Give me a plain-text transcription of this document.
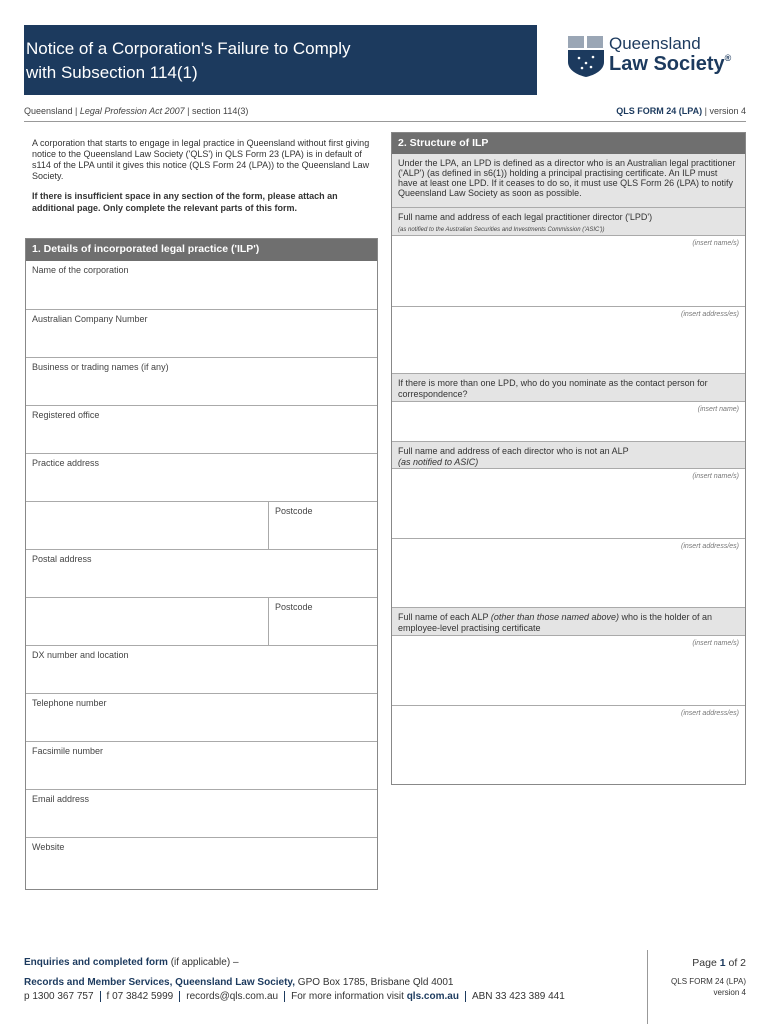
Notice of a Corporation's Failure to Comply
with Subsection 114(1)
Queensland
Law Society®
Queensland | Legal Profession Act 2007 | section 114(3)	QLS FORM 24 (LPA) | version 4
A corporation that starts to engage in legal practice in Queensland without first giving notice to the Queensland Law Society ('QLS') in QLS Form 23 (LPA) is in default of s114 of the LPA until it gives this notice (QLS Form 24 (LPA)) to the Queensland Law Society.
If there is insufficient space in any section of the form, please attach an additional page. Only complete the relevant parts of this form.
1. Details of incorporated legal practice ('ILP')
Name of the corporation
Australian Company Number
Business or trading names (if any)
Registered office
Practice address
Postcode
Postal address
Postcode
DX number and location
Telephone number
Facsimile number
Email address
Website
2. Structure of ILP
Under the LPA, an LPD is defined as a director who is an Australian legal practitioner ('ALP') (as defined in s6(1)) holding a principal practising certificate. An ILP must have at least one LPD. If it ceases to do so, it must use QLS Form 26 (LPA) to notify Queensland Law Society as soon as possible.
Full name and address of each legal practitioner director ('LPD')
(as notified to the Australian Securities and Investments Commission ('ASIC'))
(insert name/s)
(insert address/es)
If there is more than one LPD, who do you nominate as the contact person for correspondence?
(insert name)
Full name and address of each director who is not an ALP
(as notified to ASIC)
(insert name/s)
(insert address/es)
Full name of each ALP (other than those named above) who is the holder of an employee-level practising certificate
(insert name/s)
(insert address/es)
Enquiries and completed form (if applicable) –
Records and Member Services, Queensland Law Society, GPO Box 1785, Brisbane Qld 4001
p 1300 367 757 f 07 3842 5999 records@qls.com.au For more information visit qls.com.au ABN 33 423 389 441
Page 1 of 2
QLS FORM 24 (LPA)
version 4
